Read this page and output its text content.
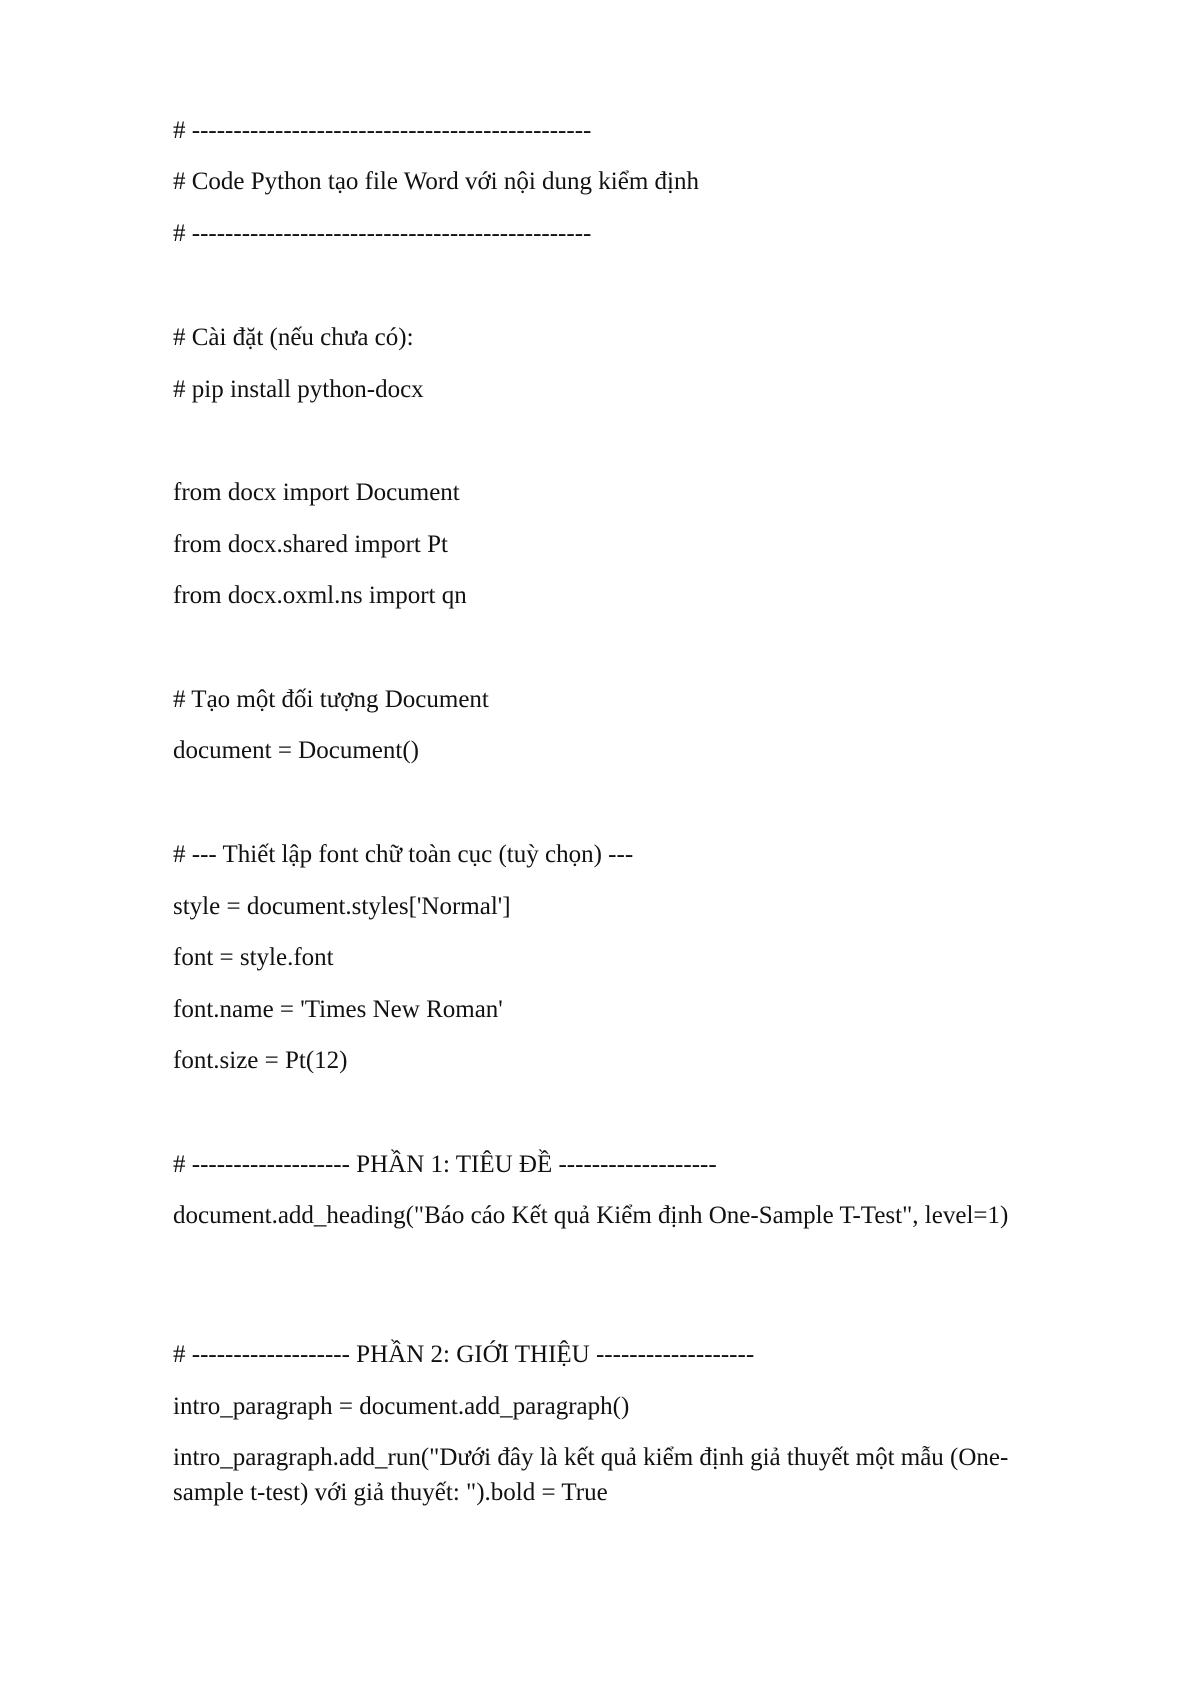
# ------------------------------------------------

# Code Python tạo file Word với nội dung kiểm định

# ------------------------------------------------

# Cài đặt (nếu chưa có):

# pip install python-docx

from docx import Document

from docx.shared import Pt

from docx.oxml.ns import qn

# Tạo một đối tượng Document

document = Document()

# --- Thiết lập font chữ toàn cục (tuỳ chọn) ---

style = document.styles['Normal']

font = style.font

font.name = 'Times New Roman'

font.size = Pt(12)

# ------------------- PHẦN 1: TIÊU ĐỀ -------------------

document.add_heading("Báo cáo Kết quả Kiểm định One-Sample T-Test", level=1)

# ------------------- PHẦN 2: GIỚI THIỆU -------------------

intro_paragraph = document.add_paragraph()

intro_paragraph.add_run("Dưới đây là kết quả kiểm định giả thuyết một mẫu (One-sample t-test) với giả thuyết: ").bold = True
